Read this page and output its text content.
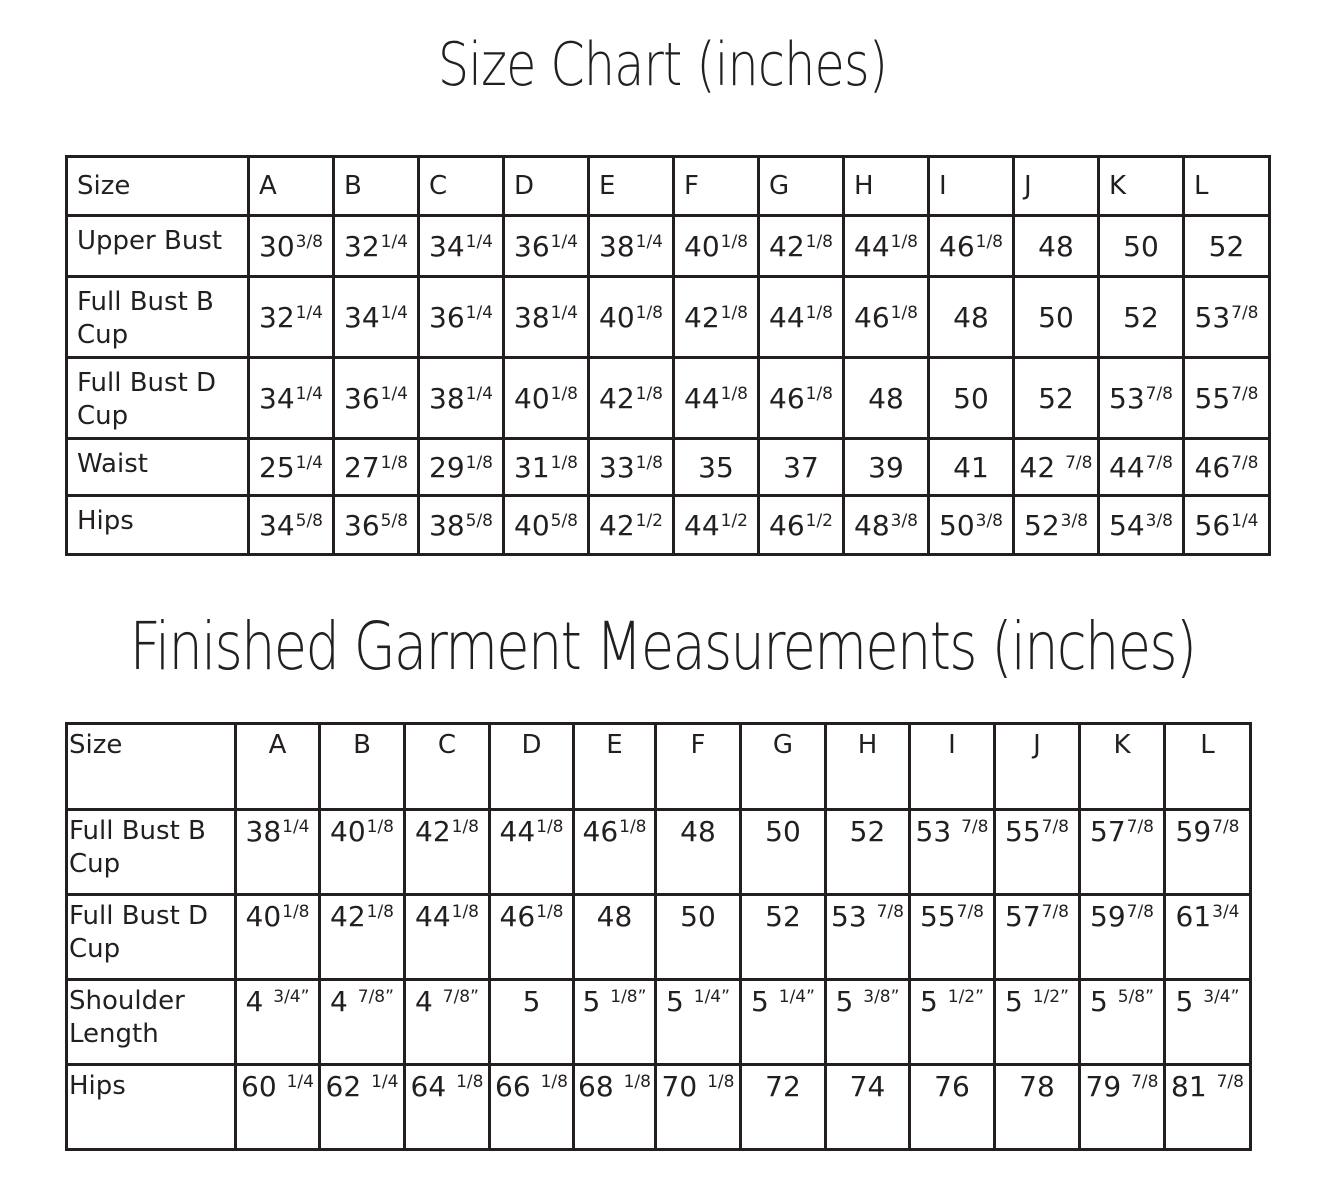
Size Chart (inches)
Size	A	B	C	D	E	F	G	H	I	J	K	L
Upper Bust	$30^{3/8}$	$32^{1/4}$	$34^{1/4}$	$36^{1/4}$	$38^{1/4}$	$40^{1/8}$	$42^{1/8}$	$44^{1/8}$	$46^{1/8}$	48	50	52
Full Bust B Cup	$32^{1/4}$	$34^{1/4}$	$36^{1/4}$	$38^{1/4}$	$40^{1/8}$	$42^{1/8}$	$44^{1/8}$	$46^{1/8}$	48	50	52	$53^{7/8}$
Full Bust D Cup	$34^{1/4}$	$36^{1/4}$	$38^{1/4}$	$40^{1/8}$	$42^{1/8}$	$44^{1/8}$	$46^{1/8}$	48	50	52	$53^{7/8}$	$55^{7/8}$
Waist	$25^{1/4}$	$27^{1/8}$	$29^{1/8}$	$31^{1/8}$	$33^{1/8}$	35	37	39	41	42 $^{7/8}$	$44^{7/8}$	$46^{7/8}$
Hips	$34^{5/8}$	$36^{5/8}$	$38^{5/8}$	$40^{5/8}$	$42^{1/2}$	$44^{1/2}$	$46^{1/2}$	$48^{3/8}$	$50^{3/8}$	$52^{3/8}$	$54^{3/8}$	$56^{1/4}$
Finished Garment Measurements (inches)
Size	A	B	C	D	E	F	G	H	I	J	K	L
Full Bust B Cup	$38^{1/4}$	$40^{1/8}$	$42^{1/8}$	$44^{1/8}$	$46^{1/8}$	48	50	52	53 $^{7/8}$	$55^{7/8}$	$57^{7/8}$	$59^{7/8}$
Full Bust D Cup	$40^{1/8}$	$42^{1/8}$	$44^{1/8}$	$46^{1/8}$	48	50	52	53 $^{7/8}$	$55^{7/8}$	$57^{7/8}$	$59^{7/8}$	$61^{3/4}$
Shoulder Length	4 $^{3/4”}$	4 $^{7/8”}$	4 $^{7/8”}$	5	5 $^{1/8”}$	5 $^{1/4”}$	5 $^{1/4”}$	5 $^{3/8”}$	5 $^{1/2”}$	5 $^{1/2”}$	5 $^{5/8”}$	5 $^{3/4”}$
Hips	60 $^{1/4}$	62 $^{1/4}$	64 $^{1/8}$	66 $^{1/8}$	68 $^{1/8}$	70 $^{1/8}$	72	74	76	78	79 $^{7/8}$	81 $^{7/8}$
